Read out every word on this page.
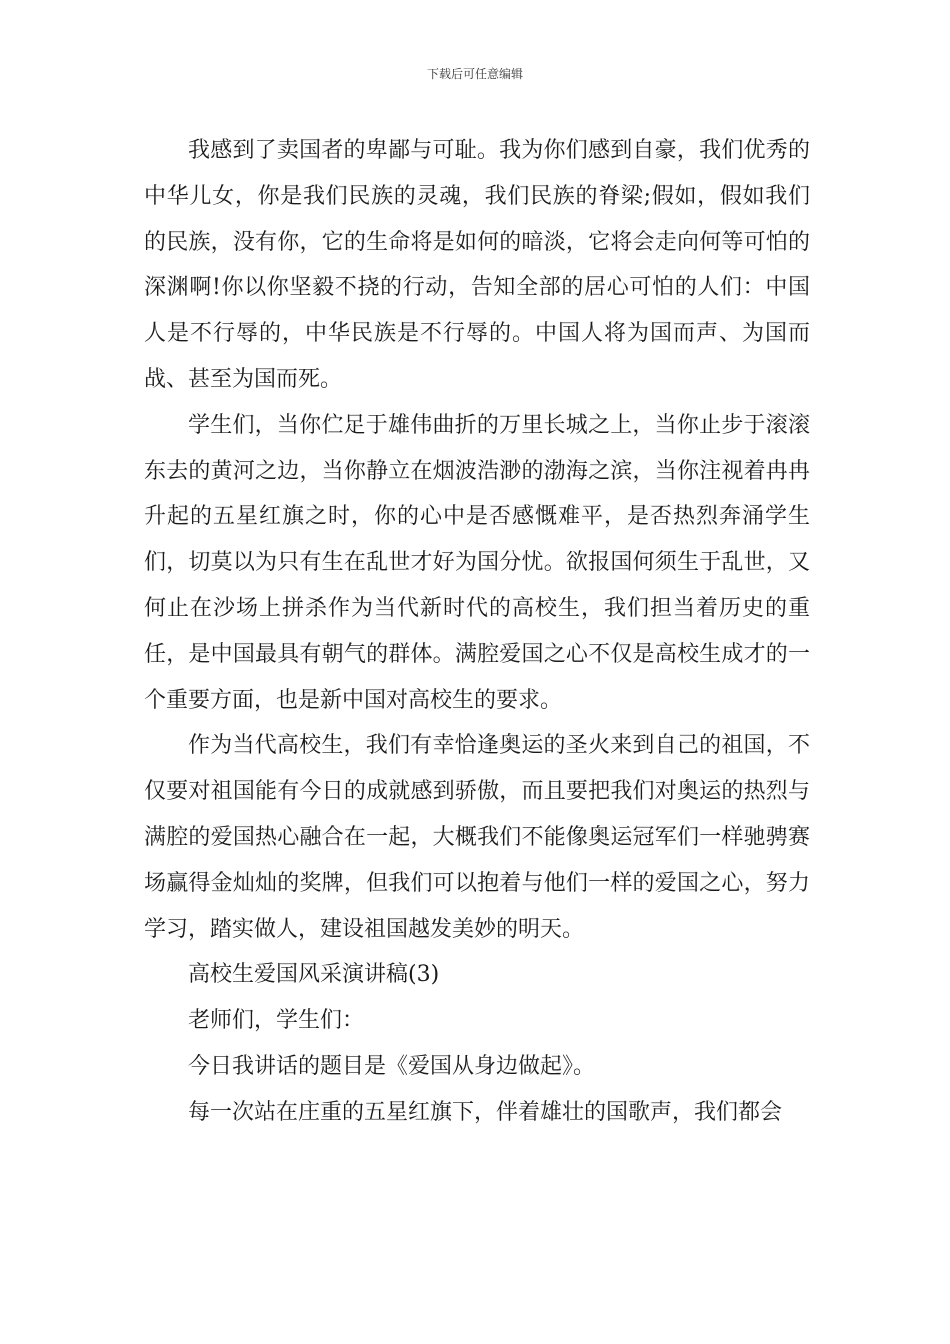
下载后可任意编辑

我感到了卖国者的卑鄙与可耻。我为你们感到自豪，我们优秀的中华儿女，你是我们民族的灵魂，我们民族的脊梁;假如，假如我们的民族，没有你，它的生命将是如何的暗淡，它将会走向何等可怕的深渊啊!你以你坚毅不挠的行动，告知全部的居心可怕的人们：中国人是不行辱的，中华民族是不行辱的。中国人将为国而声、为国而战、甚至为国而死。

学生们，当你伫足于雄伟曲折的万里长城之上，当你止步于滚滚东去的黄河之边，当你静立在烟波浩渺的渤海之滨，当你注视着冉冉升起的五星红旗之时，你的心中是否感慨难平，是否热烈奔涌学生们，切莫以为只有生在乱世才好为国分忧。欲报国何须生于乱世，又何止在沙场上拼杀作为当代新时代的高校生，我们担当着历史的重任，是中国最具有朝气的群体。满腔爱国之心不仅是高校生成才的一个重要方面，也是新中国对高校生的要求。

作为当代高校生，我们有幸恰逢奥运的圣火来到自己的祖国，不仅要对祖国能有今日的成就感到骄傲，而且要把我们对奥运的热烈与满腔的爱国热心融合在一起，大概我们不能像奥运冠军们一样驰骋赛场赢得金灿灿的奖牌，但我们可以抱着与他们一样的爱国之心，努力学习，踏实做人，建设祖国越发美妙的明天。

高校生爱国风采演讲稿(3)

老师们，学生们：

今日我讲话的题目是《爱国从身边做起》。

每一次站在庄重的五星红旗下，伴着雄壮的国歌声，我们都会
